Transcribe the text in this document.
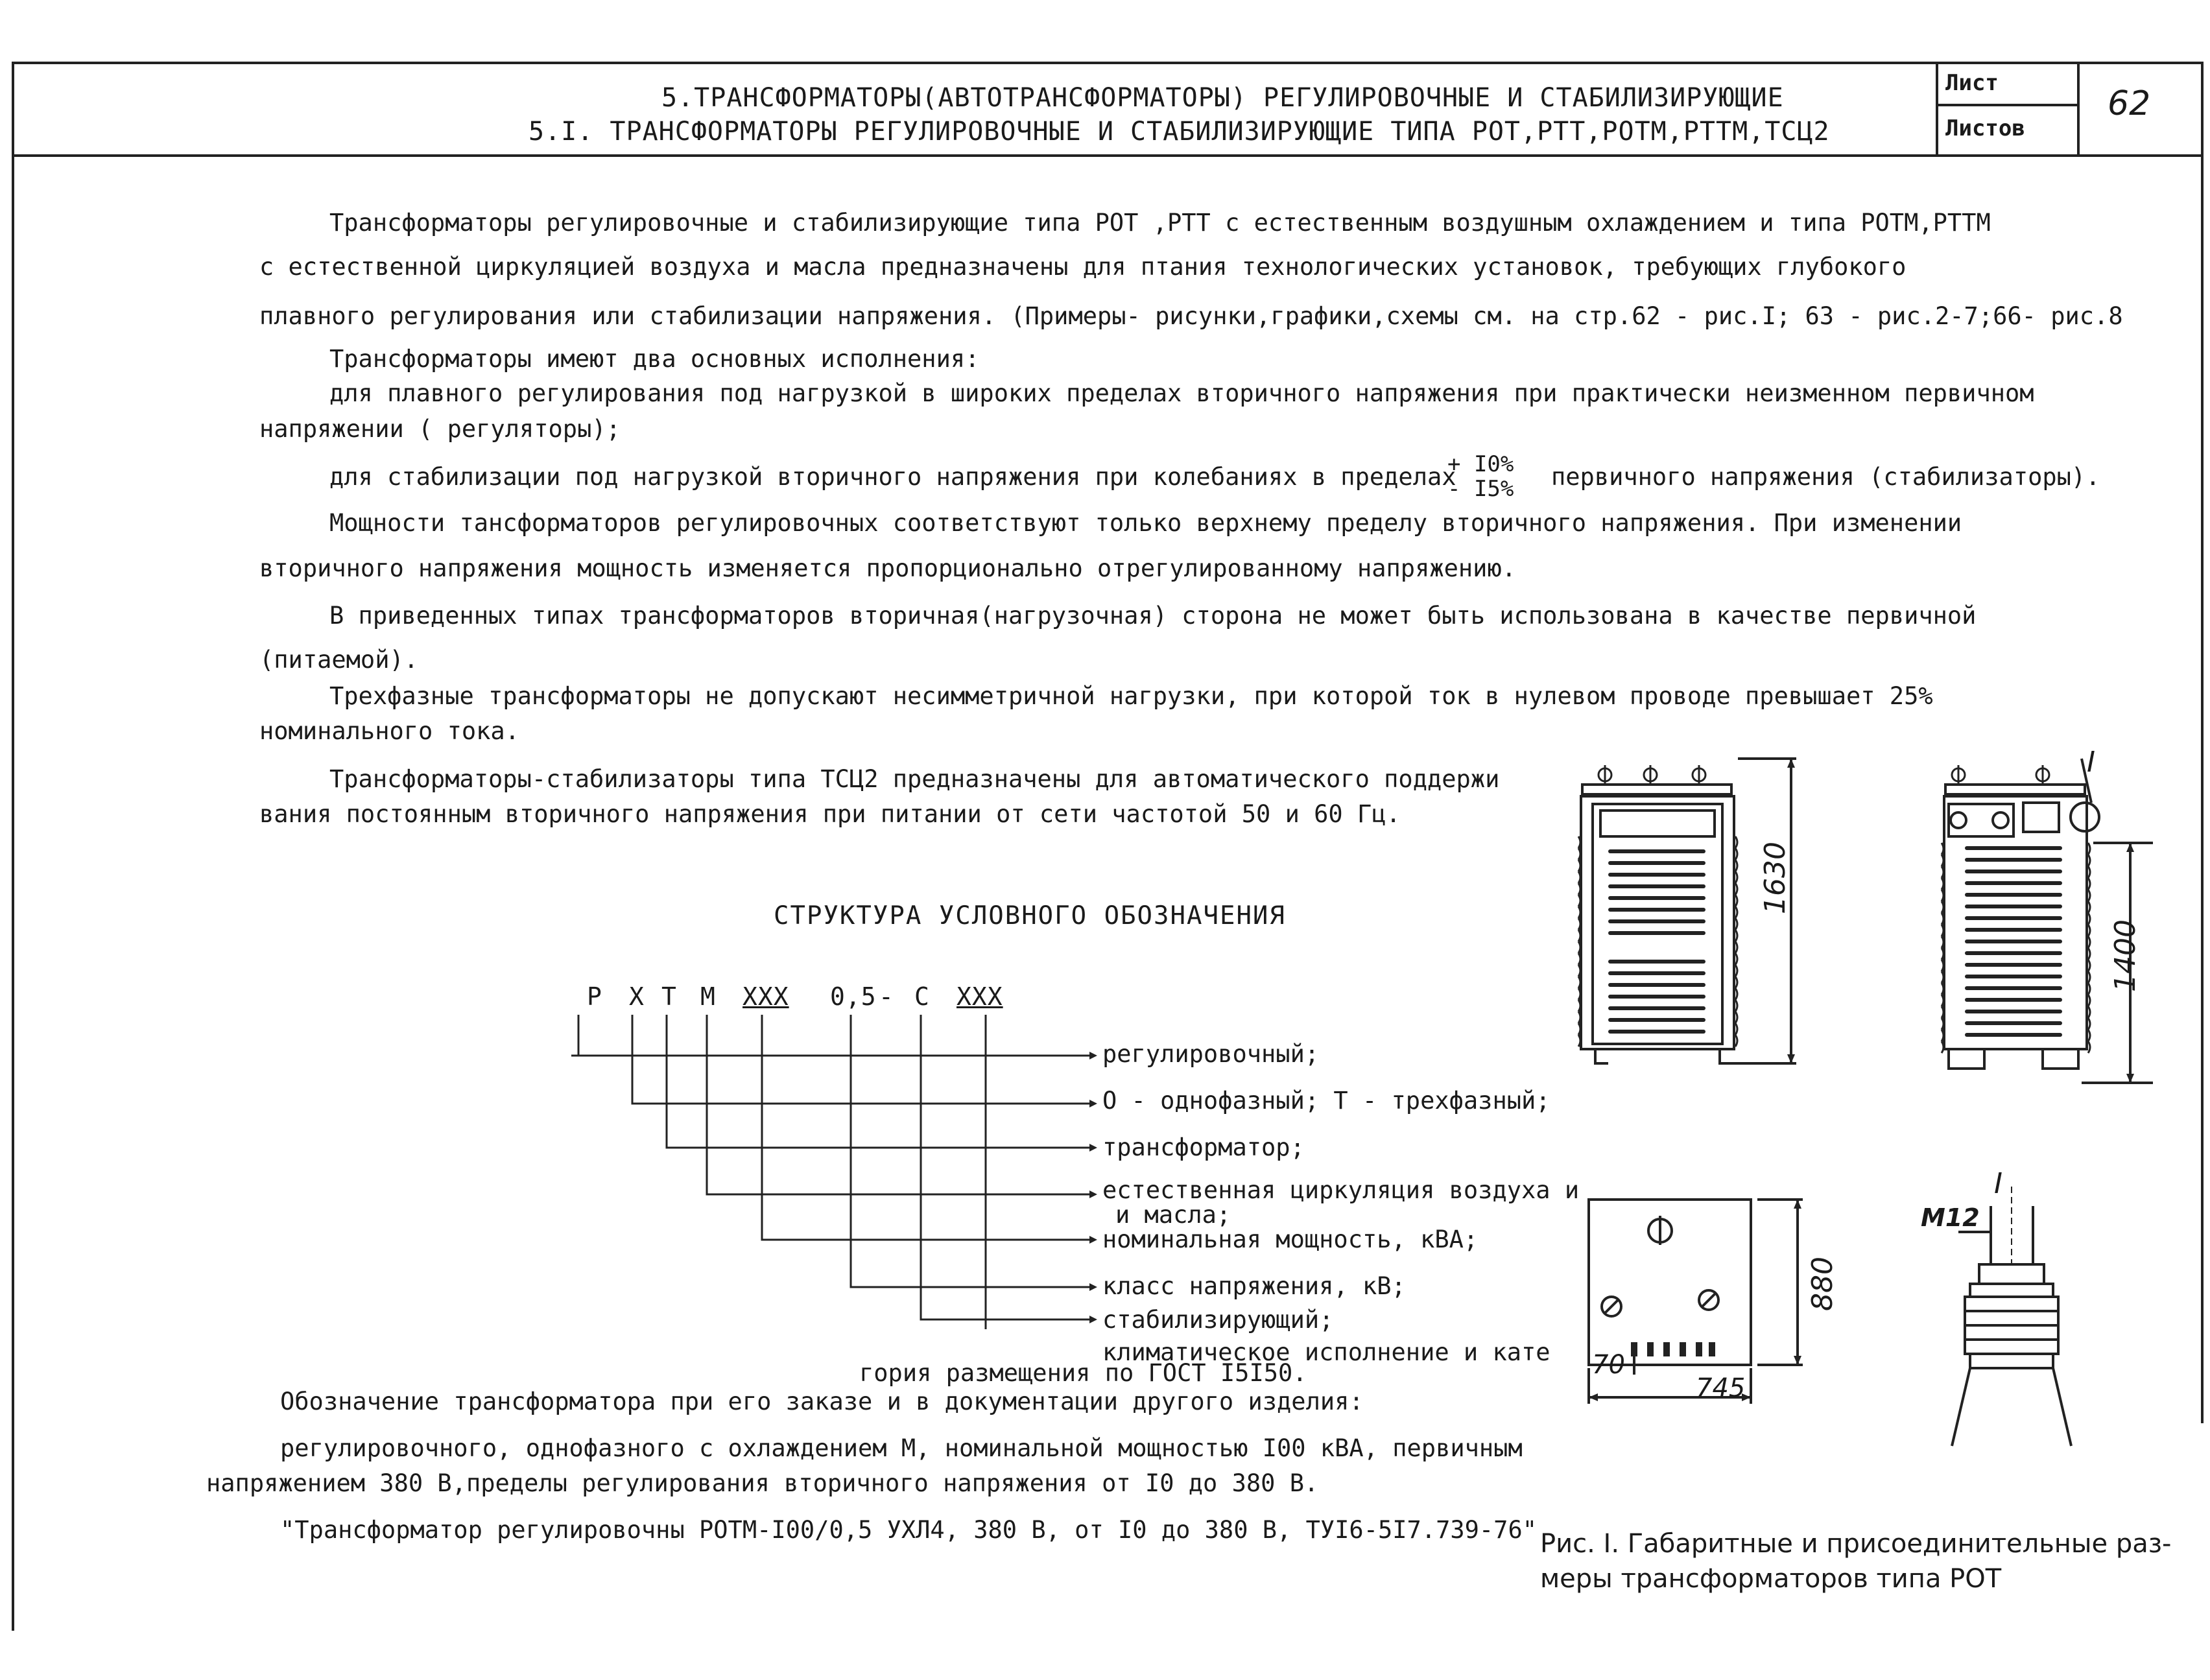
5.ТРАНСФОРМАТОРЫ(АВТОТРАНСФОРМАТОРЫ) РЕГУЛИРОВОЧНЫЕ И СТАБИЛИЗИРУЮЩИЕ
5.I. ТРАНСФОРМАТОРЫ РЕГУЛИРОВОЧНЫЕ И СТАБИЛИЗИРУЮЩИЕ ТИПА РОТ,РТТ,РОТМ,РТТМ,ТСЦ2
Лист
Листов
62
Трансформаторы регулировочные и стабилизирующие типа РОТ ,РТТ с естественным воздушным охлаждением и типа РОТМ,РТТМ
с естественной циркуляцией воздуха и масла предназначены для птания технологических установок, требующих глубокого
плавного регулирования или стабилизации напряжения. (Примеры- рисунки,графики,схемы см. на стр.62 - рис.I; 63 - рис.2-7;66- рис.8
Трансформаторы имеют два основных исполнения:
для плавного регулирования под нагрузкой в широких пределах вторичного напряжения при практически неизменном первичном
напряжении ( регуляторы);
для стабилизации под нагрузкой вторичного напряжения при колебаниях в пределах
+ I0%
- I5% первичного напряжения (стабилизаторы).
Мощности тансформаторов регулировочных соответствуют только верхнему пределу вторичного напряжения. При изменении
вторичного напряжения мощность изменяется пропорционально отрегулированному напряжению.
В приведенных типах трансформаторов вторичная(нагрузочная) сторона не может быть использована в качестве первичной
(питаемой).
Трехфазные трансформаторы не допускают несимметричной нагрузки, при которой ток в нулевом проводе превышает 25%
номинального тока.
Трансформаторы-стабилизаторы типа ТСЦ2 предназначены для автоматического поддержи
вания постоянным вторичного напряжения при питании от сети частотой 50 и 60 Гц.
СТРУКТУРА УСЛОВНОГО ОБОЗНАЧЕНИЯ
Р Х Т М ХХХ 0,5 - С ХХХ
регулировочный;
О - однофазный; Т - трехфазный;
трансформатор;
естественная циркуляция воздуха и
и масла;
номинальная мощность, кВА;
класс напряжения, кВ;
стабилизирующий;
климатическое исполнение и кате
гория размещения по ГОСТ I5I50.
Обозначение трансформатора при его заказе и в документации другого изделия:
регулировочного, однофазного с охлаждением М, номинальной мощностью I00 кВА, первичным
напряжением 380 В,пределы регулирования вторичного напряжения от I0 до 380 В.
"Трансформатор регулировочны РОТМ-I00/0,5 УХЛ4, 380 В, от I0 до 380 В, ТУI6-5I7.739-76"
1630
1400
I
880
70
745
М12
I
Рис. I. Габаритные и присоединительные раз-
меры трансформаторов типа РОТ
